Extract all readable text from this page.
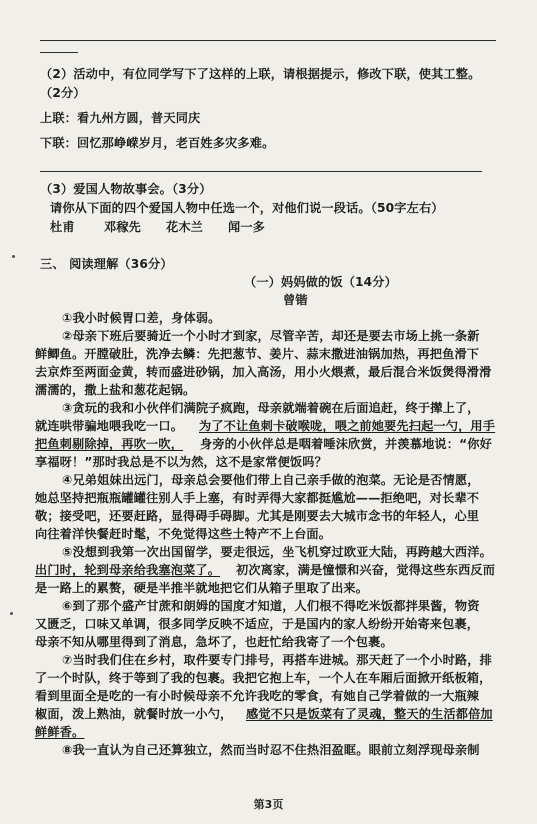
（2）活动中，有位同学写下了这样的上联，请根据提示，修改下联，使其工整。
（2分）
上联：看九州方圆，普天同庆
下联：回忆那峥嵘岁月，老百姓多灾多难。
（3）爱国人物故事会。（3分）
请你从下面的四个爱国人物中任选一个，对他们说一段话。（50字左右）
杜甫 邓稼先 花木兰 闻一多
三、 阅读理解（36分）
（一）妈妈做的饭（14分）
曾锴
①我小时候胃口差，身体弱。
②母亲下班后要骑近一个小时才到家，尽管辛苦，却还是要去市场上挑一条新
鲜鲫鱼。开膛破肚，洗净去鳞：先把葱节、姜片、蒜末撒进油锅加热，再把鱼滑下
去京炸至两面金黄，转而盛进砂锅，加入高汤，用小火煨煮，最后混合米饭煲得滑滑
濡濡的，撒上盐和葱花起锅。
③贪玩的我和小伙伴们满院子疯跑，母亲就端着碗在后面追赶，终于撵上了，
就连哄带骗地喂我吃一口。 为了不让鱼刺卡破喉咙，喂之前她要先扫起一勺，用手
把鱼刺剔除掉，再吹一吹， 身旁的小伙伴总是咽着唾沫欣赏，并羡慕地说：“你好
享福呀！”那时我总是不以为然，这不是家常便饭吗？
④兄弟姐妹出远门，母亲总会要他们带上自己亲手做的泡菜。无论是否情愿，
她总坚持把瓶瓶罐罐往别人手上塞，有时弄得大家都挺尴尬——拒绝吧，对长辈不
敬；接受吧，还要赶路，显得碍手碍脚。尤其是刚要去大城市念书的年轻人，心里
向往着洋快餐赶时髦，不免觉得这些土特产不上台面。
⑤没想到我第一次出国留学，要走很远，坐飞机穿过欧亚大陆，再跨越大西洋。
出门时，轮到母亲给我塞泡菜了。 初次离家，满是憧憬和兴奋，觉得这些东西反而
是一路上的累赘，硬是半推半就地把它们从箱子里取了出来。
⑥到了那个盛产甘蔗和朗姆的国度才知道，人们根不得吃米饭都拌果酱，物资
又匮乏，口味又单调，很多同学反映不适应，于是国内的家人纷纷开始寄来包裹，
母亲不知从哪里得到了消息，急坏了，也赶忙给我寄了一个包裹。
⑦当时我们住在乡村，取件要专门排号，再搭车进城。那天赶了一个小时路，排
了一个时队，终于等到了我的包裹。我把它抱上车，一个人在车厢后面掀开纸板箱，
看到里面全是吃的一有小时候母亲不允许我吃的零食，有她自己学着做的一大瓶辣
椒面，泼上熟油，就餐时放一小勺， 感觉不只是饭菜有了灵魂，整天的生活都倍加
鲜鲜香。
⑧我一直认为自己还算独立，然而当时忍不住热泪盈眶。眼前立刻浮现母亲制
第3页
